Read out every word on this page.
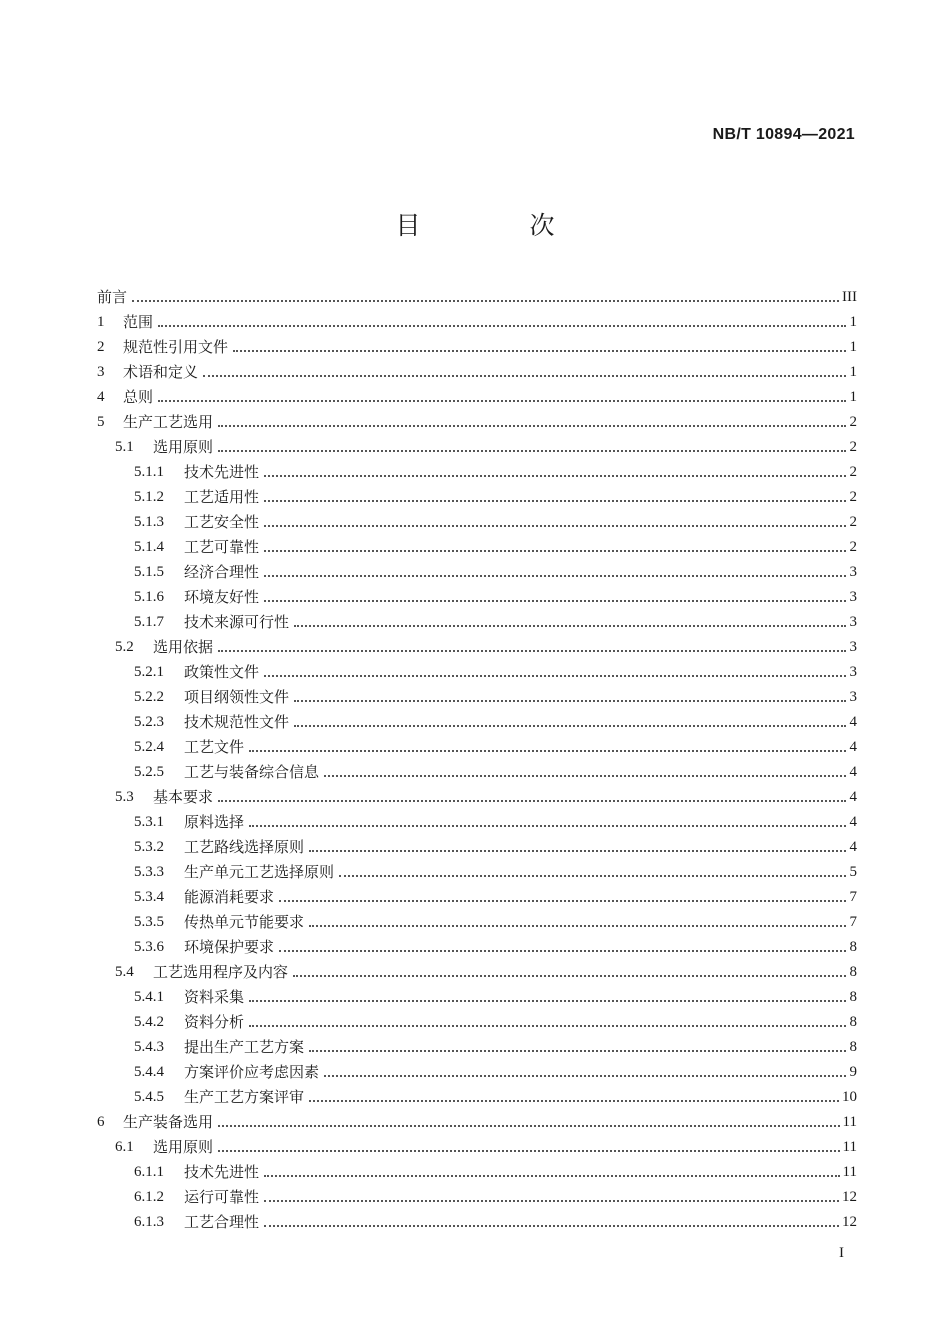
NB/T 10894—2021
目　次
前言	III
1	范围	1
2	规范性引用文件	1
3	术语和定义	1
4	总则	1
5	生产工艺选用	2
5.1	选用原则	2
5.1.1	技术先进性	2
5.1.2	工艺适用性	2
5.1.3	工艺安全性	2
5.1.4	工艺可靠性	2
5.1.5	经济合理性	3
5.1.6	环境友好性	3
5.1.7	技术来源可行性	3
5.2	选用依据	3
5.2.1	政策性文件	3
5.2.2	项目纲领性文件	3
5.2.3	技术规范性文件	4
5.2.4	工艺文件	4
5.2.5	工艺与装备综合信息	4
5.3	基本要求	4
5.3.1	原料选择	4
5.3.2	工艺路线选择原则	4
5.3.3	生产单元工艺选择原则	5
5.3.4	能源消耗要求	7
5.3.5	传热单元节能要求	7
5.3.6	环境保护要求	8
5.4	工艺选用程序及内容	8
5.4.1	资料采集	8
5.4.2	资料分析	8
5.4.3	提出生产工艺方案	8
5.4.4	方案评价应考虑因素	9
5.4.5	生产工艺方案评审	10
6	生产装备选用	11
6.1	选用原则	11
6.1.1	技术先进性	11
6.1.2	运行可靠性	12
6.1.3	工艺合理性	12
I
